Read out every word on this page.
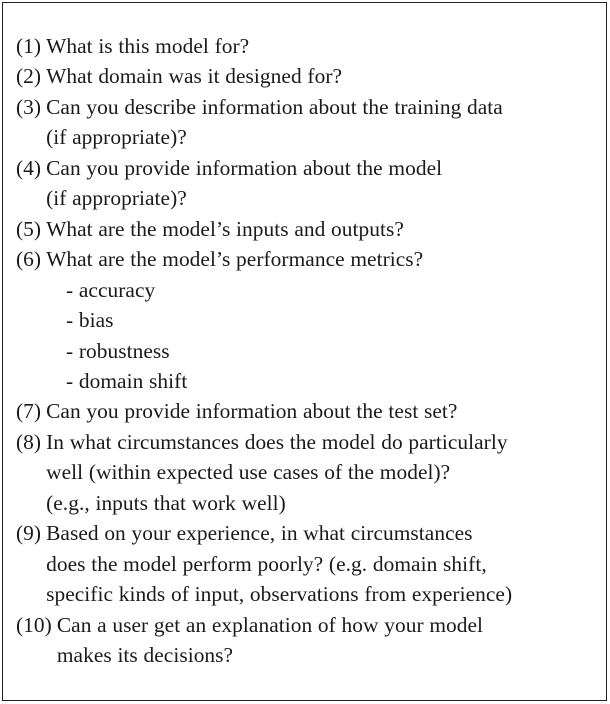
(1) What is this model for?
(2) What domain was it designed for?
(3) Can you describe information about the training data
(if appropriate)?
(4) Can you provide information about the model
(if appropriate)?
(5) What are the model’s inputs and outputs?
(6) What are the model’s performance metrics?
- accuracy
- bias
- robustness
- domain shift
(7) Can you provide information about the test set?
(8) In what circumstances does the model do particularly
well (within expected use cases of the model)?
(e.g., inputs that work well)
(9) Based on your experience, in what circumstances
does the model perform poorly? (e.g. domain shift,
specific kinds of input, observations from experience)
(10) Can a user get an explanation of how your model
makes its decisions?
